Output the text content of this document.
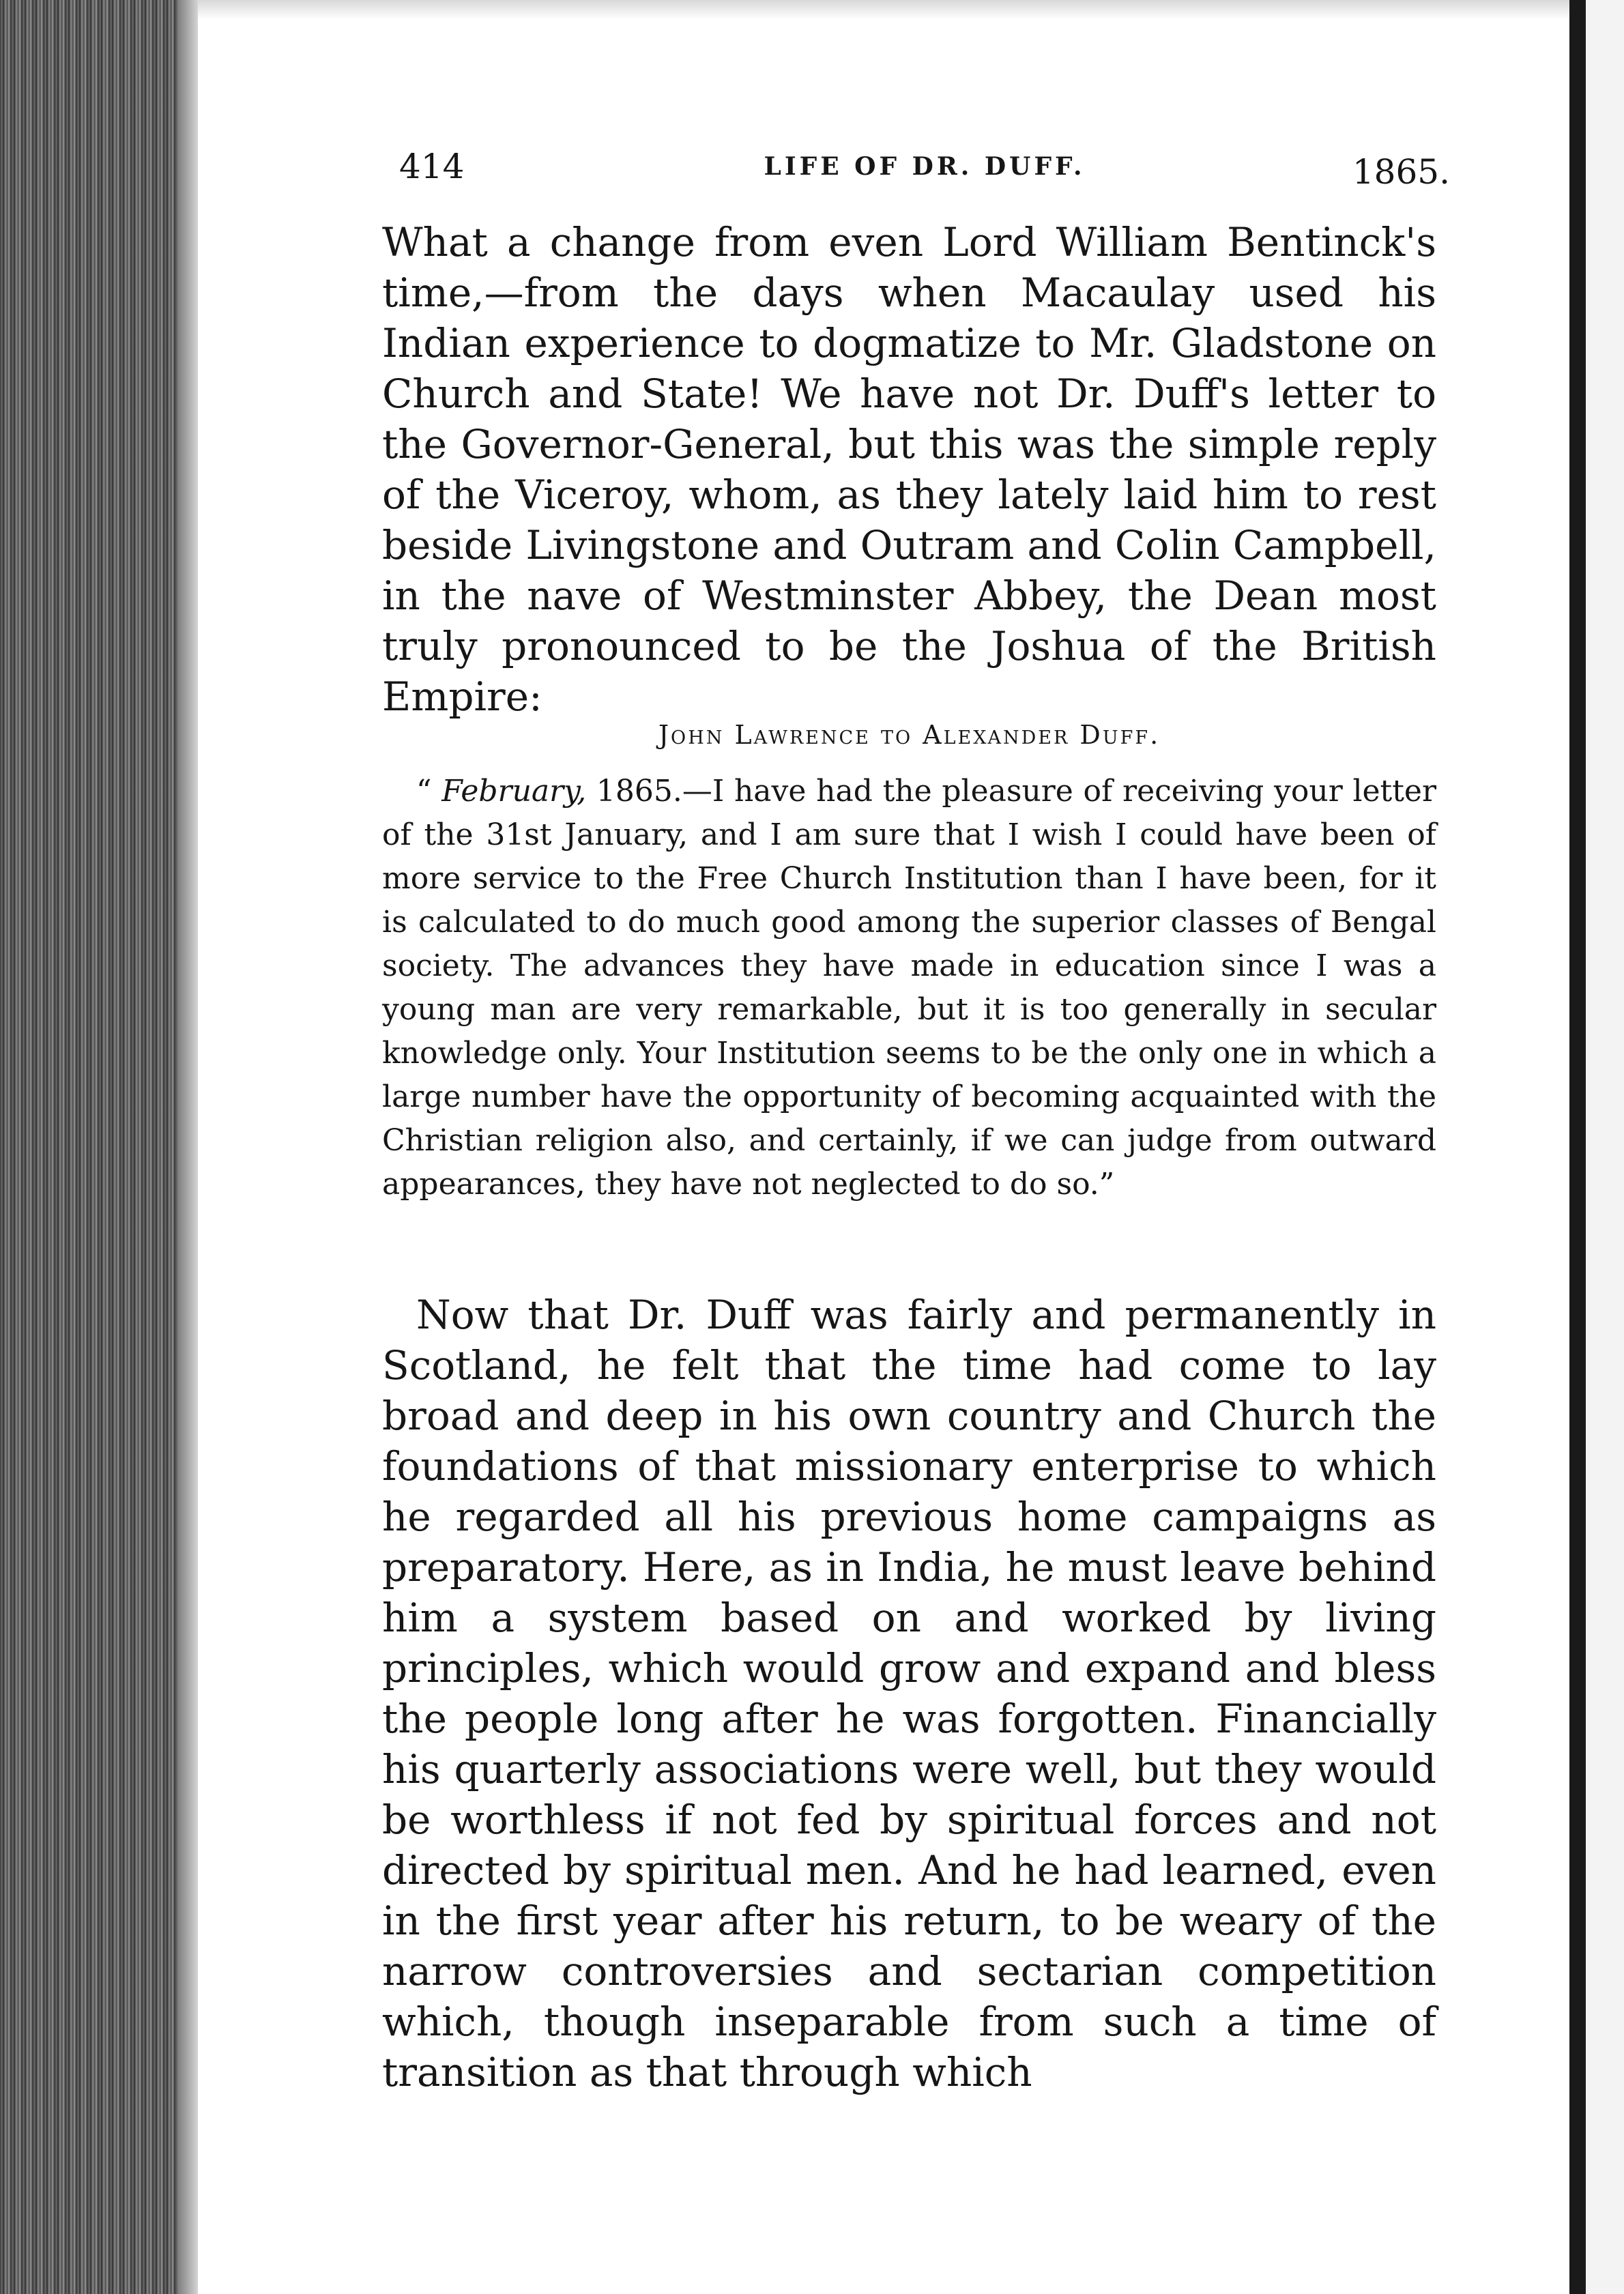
414	LIFE OF DR. DUFF.	1865.

What a change from even Lord William Bentinck's time,—from the days when Macaulay used his Indian experience to dogmatize to Mr. Gladstone on Church and State! We have not Dr. Duff's letter to the Governor-General, but this was the simple reply of the Viceroy, whom, as they lately laid him to rest beside Livingstone and Outram and Colin Campbell, in the nave of Westminster Abbey, the Dean most truly pronounced to be the Joshua of the British Empire:

John Lawrence to Alexander Duff.

“ February, 1865.—I have had the pleasure of receiving your letter of the 31st January, and I am sure that I wish I could have been of more service to the Free Church Institution than I have been, for it is calculated to do much good among the superior classes of Bengal society. The advances they have made in education since I was a young man are very remarkable, but it is too generally in secular knowledge only. Your Institution seems to be the only one in which a large number have the opportunity of becoming acquainted with the Christian religion also, and certainly, if we can judge from outward appearances, they have not neglected to do so.”

Now that Dr. Duff was fairly and permanently in Scotland, he felt that the time had come to lay broad and deep in his own country and Church the foundations of that missionary enterprise to which he regarded all his previous home campaigns as preparatory. Here, as in India, he must leave behind him a system based on and worked by living principles, which would grow and expand and bless the people long after he was forgotten. Financially his quarterly associations were well, but they would be worthless if not fed by spiritual forces and not directed by spiritual men. And he had learned, even in the first year after his return, to be weary of the narrow controversies and sectarian competition which, though inseparable from such a time of transition as that through which
